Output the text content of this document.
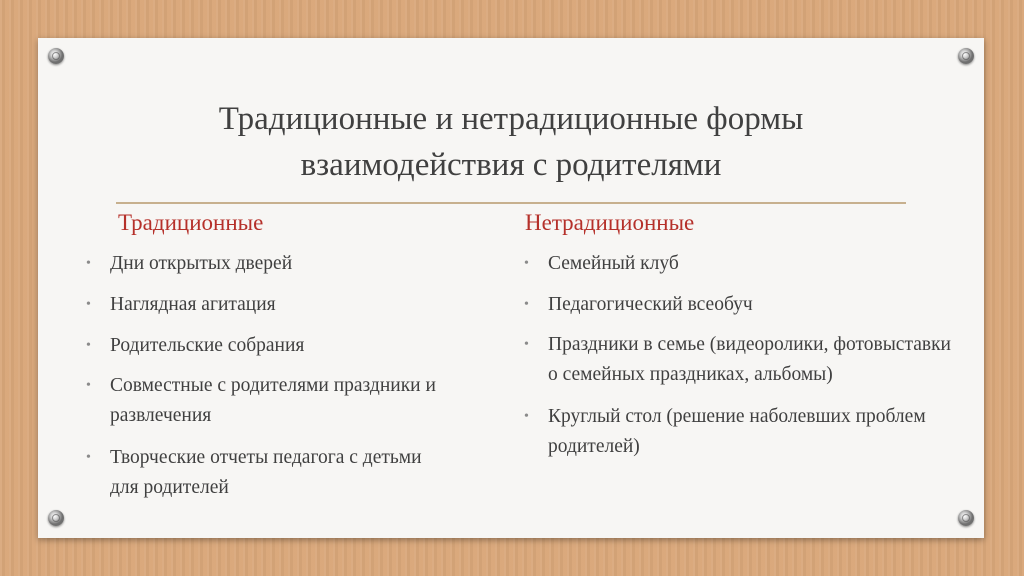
Традиционные и нетрадиционные формы
взаимодействия с родителями
Традиционные	Нетрадиционные
• Дни открытых дверей
• Наглядная агитация
• Родительские собрания
• Совместные с родителями праздники и развлечения
• Творческие отчеты педагога с детьми для родителей
• Семейный клуб
• Педагогический всеобуч
• Праздники в семье (видеоролики, фотовыставки о семейных праздниках, альбомы)
• Круглый стол (решение наболевших проблем родителей)
